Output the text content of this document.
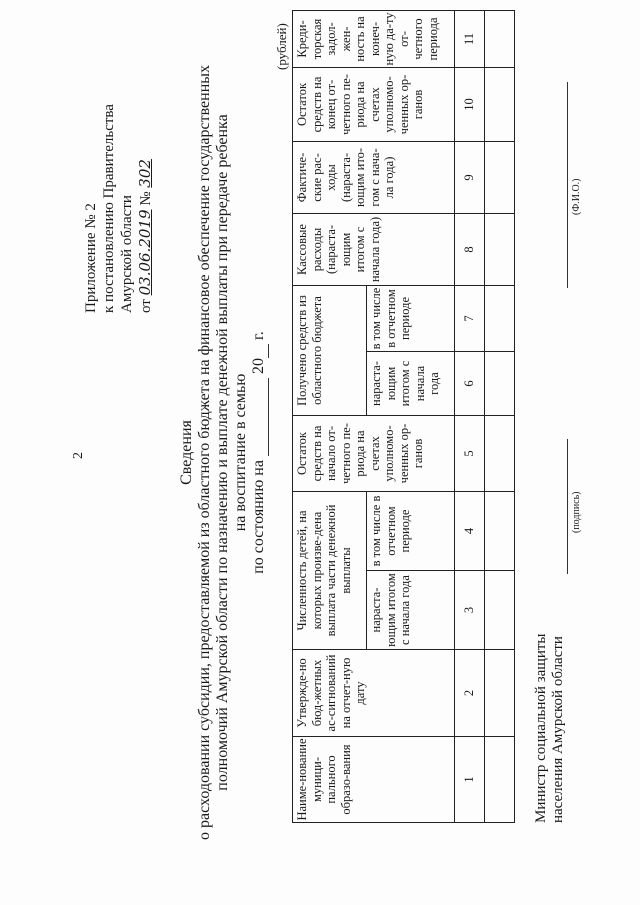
2
Приложение № 2 к постановлению Правительства Амурской области от 03.06.2019 № 302
Сведения о расходовании субсидии, предоставляемой из областного бюджета на финансовое обеспечение государственных полномочий Амурской области по назначению и выплате денежной выплаты при передаче ребенка на воспитание в семью по состоянию на   20  г.
(рублей)
Наиме-нование муници-пального образо-вания	Утвержде-но бюд-жетных ас-сигнований на отчет-ную дату	Численность детей, на которых произве-дена выплата части денежной выплаты		Остаток средств на начало от-четного пе-риода на счетах уполномо-ченных ор-ганов	Получено средств из областного бюджета		Кассовые расходы (нараста-ющим итогом с начала года)	Фактиче-ские рас-ходы (нараста-ющим ито-гом с нача-ла года)	Остаток средств на конец от-четного пе-риода на счетах уполномо-ченных ор-ганов	Креди-торская задол-жен-ность на конеч-ную да-ту от-четного периода
		нараста-ющим итогом с начала года	в том числе в отчетном периоде		нараста-ющим итогом с начала года	в том числе в отчетном периоде				
1	2	3	4	5	6	7	8	9	10	11

Министр социальной защиты населения Амурской области
(подпись)
(Ф.И.О.)
